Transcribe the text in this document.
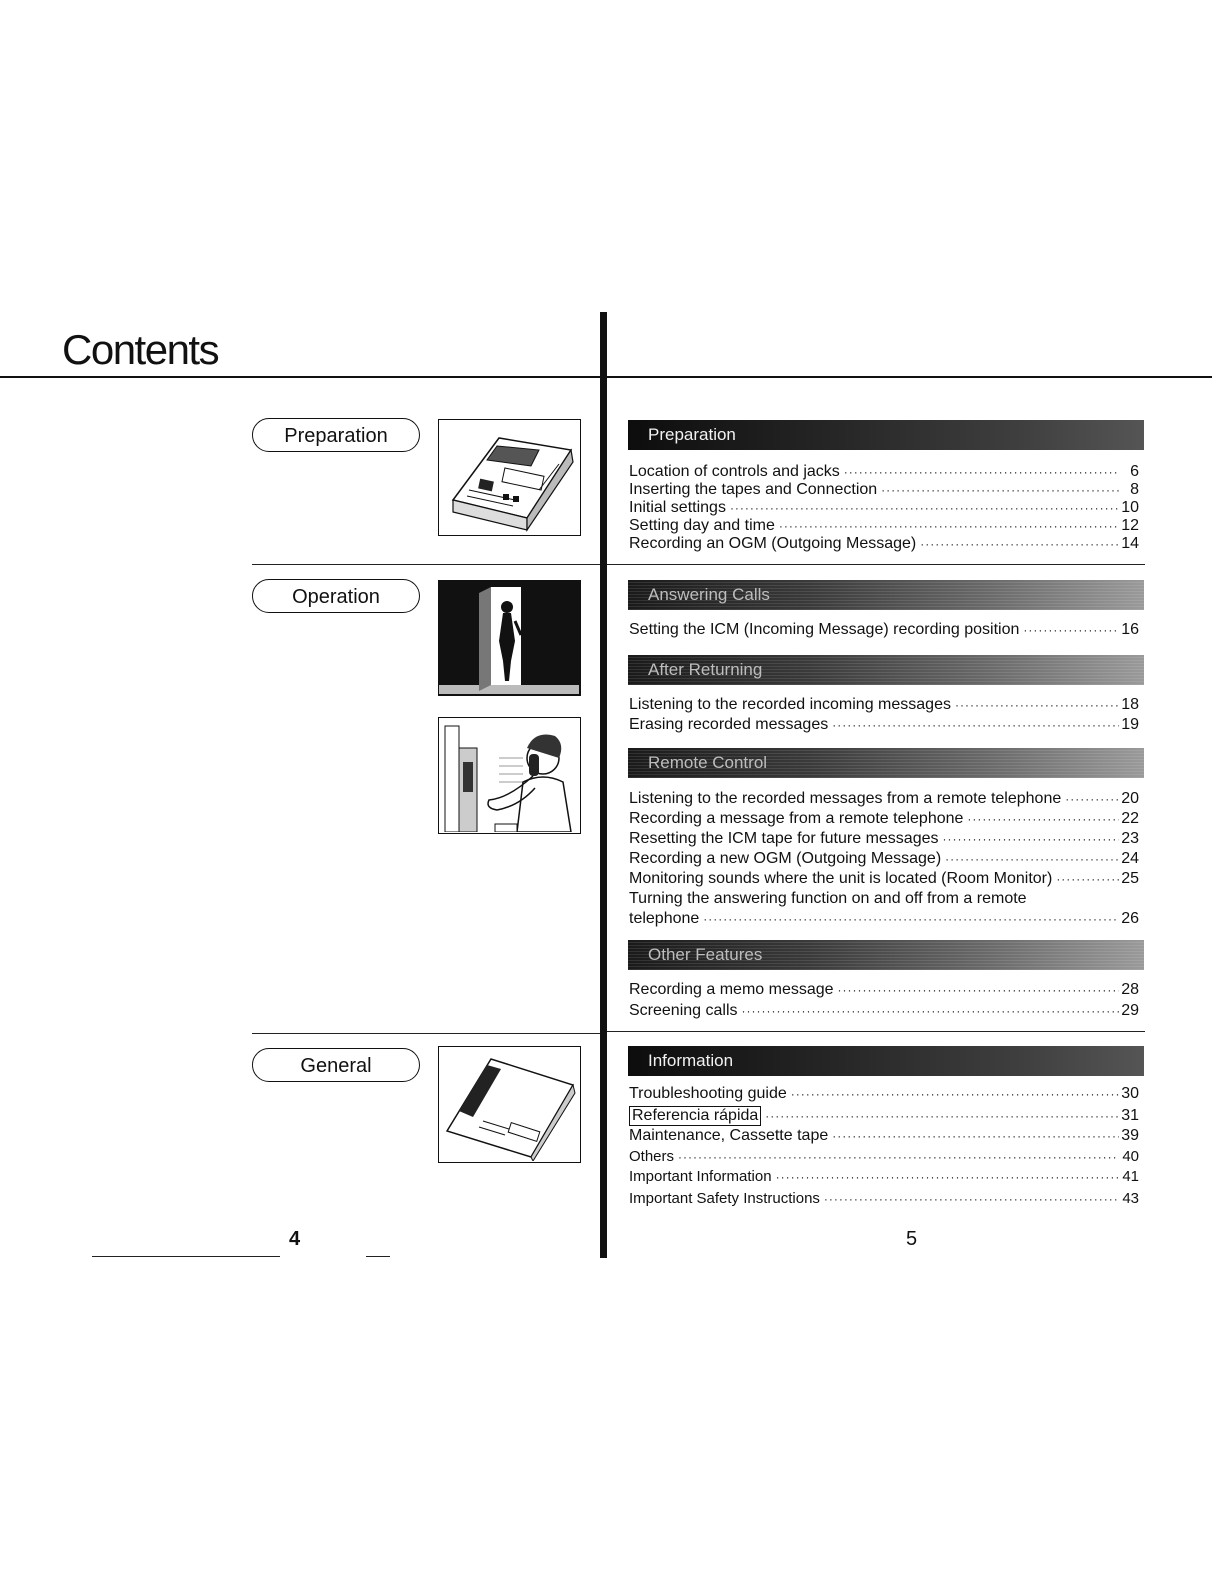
Contents
Preparation
Operation
General
4
Preparation
Location of controls and jacks ·····	6
Inserting the tapes and Connection ·····	8
Initial settings ·····	10
Setting day and time ·····	12
Recording an OGM (Outgoing Message) ·····	14
Answering Calls
Setting the ICM (Incoming Message) recording position ·····	16
After Returning
Listening to the recorded incoming messages ·····	18
Erasing recorded messages ·····	19
Remote Control
Listening to the recorded messages from a remote telephone ·····	20
Recording a message from a remote telephone ·····	22
Resetting the ICM tape for future messages ·····	23
Recording a new OGM (Outgoing Message) ·····	24
Monitoring sounds where the unit is located (Room Monitor) ·····	25
Turning the answering function on and off from a remote
telephone ·····	26
Other Features
Recording a memo message ·····	28
Screening calls ·····	29
Information
Troubleshooting guide ·····	30
Referencia rápida ·····	31
Maintenance, Cassette tape ·····	39
Others ·····	40
Important Information ·····	41
Important Safety Instructions ·····	43
5
